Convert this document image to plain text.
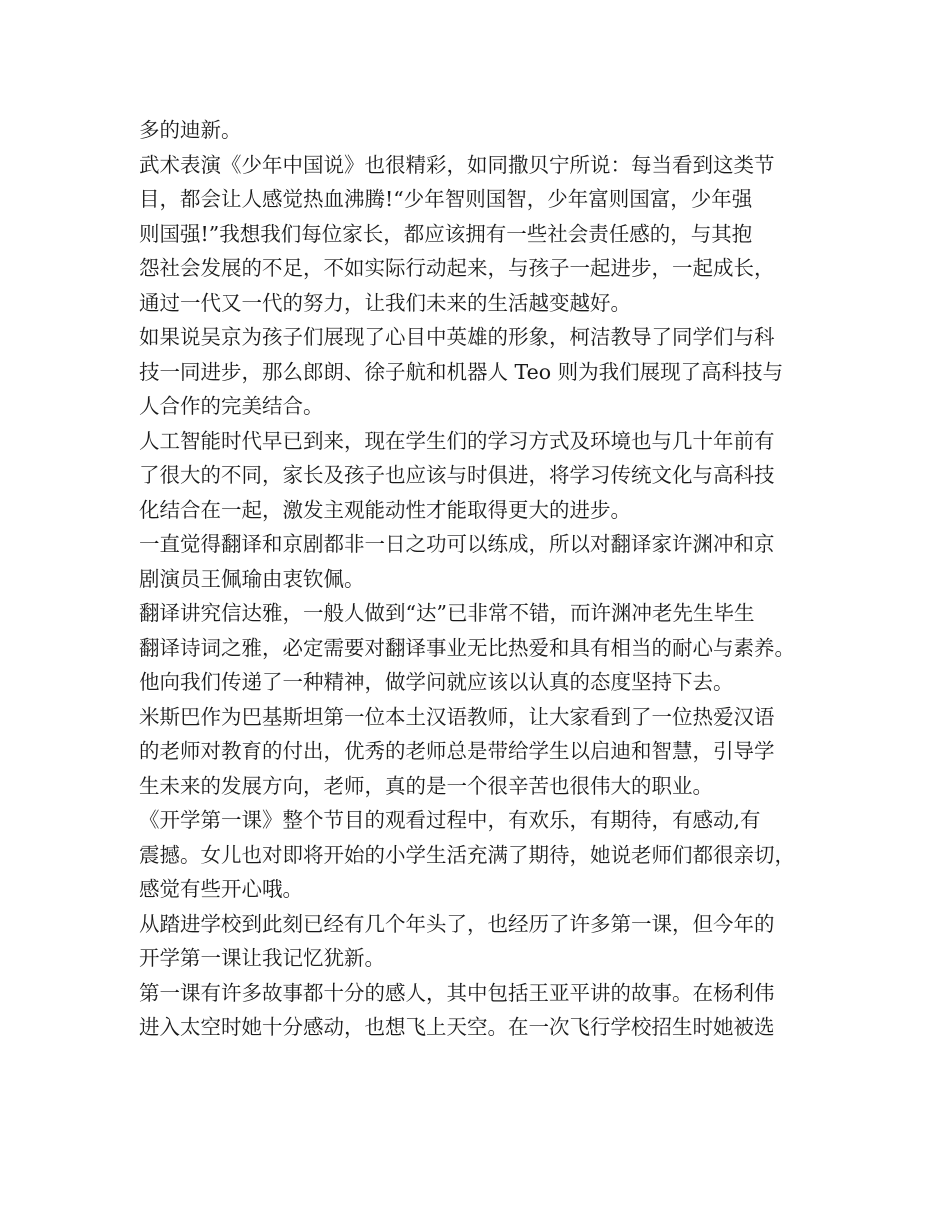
多的迪新。
武术表演《少年中国说》也很精彩，如同撒贝宁所说：每当看到这类节
目，都会让人感觉热血沸腾!“少年智则国智，少年富则国富，少年强
则国强!”我想我们每位家长，都应该拥有一些社会责任感的，与其抱
怨社会发展的不足，不如实际行动起来，与孩子一起进步，一起成长，
通过一代又一代的努力，让我们未来的生活越变越好。
如果说吴京为孩子们展现了心目中英雄的形象，柯洁教导了同学们与科
技一同进步，那么郎朗、徐子航和机器人 Teo 则为我们展现了高科技与
人合作的完美结合。
人工智能时代早已到来，现在学生们的学习方式及环境也与几十年前有
了很大的不同，家长及孩子也应该与时俱进，将学习传统文化与高科技
化结合在一起，激发主观能动性才能取得更大的进步。
一直觉得翻译和京剧都非一日之功可以练成，所以对翻译家许渊冲和京
剧演员王佩瑜由衷钦佩。
翻译讲究信达雅，一般人做到“达”已非常不错，而许渊冲老先生毕生
翻译诗词之雅，必定需要对翻译事业无比热爱和具有相当的耐心与素养。
他向我们传递了一种精神，做学问就应该以认真的态度坚持下去。
米斯巴作为巴基斯坦第一位本土汉语教师，让大家看到了一位热爱汉语
的老师对教育的付出，优秀的老师总是带给学生以启迪和智慧，引导学
生未来的发展方向，老师，真的是一个很辛苦也很伟大的职业。
《开学第一课》整个节目的观看过程中，有欢乐，有期待，有感动,有
震撼。女儿也对即将开始的小学生活充满了期待，她说老师们都很亲切，
感觉有些开心哦。
从踏进学校到此刻已经有几个年头了，也经历了许多第一课，但今年的
开学第一课让我记忆犹新。
第一课有许多故事都十分的感人，其中包括王亚平讲的故事。在杨利伟
进入太空时她十分感动，也想飞上天空。在一次飞行学校招生时她被选
